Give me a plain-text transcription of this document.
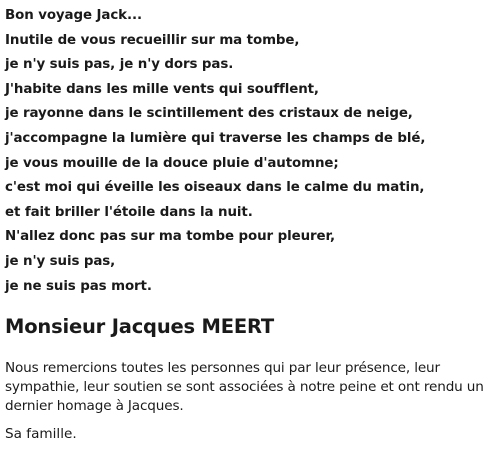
Bon voyage Jack...
Inutile de vous recueillir sur ma tombe,
je n'y suis pas, je n'y dors pas.
J'habite dans les mille vents qui soufflent,
je rayonne dans le scintillement des cristaux de neige,
j'accompagne la lumière qui traverse les champs de blé,
je vous mouille de la douce pluie d'automne;
c'est moi qui éveille les oiseaux dans le calme du matin,
et fait briller l'étoile dans la nuit.
N'allez donc pas sur ma tombe pour pleurer,
je n'y suis pas,
je ne suis pas mort.
Monsieur Jacques MEERT

Nous remercions toutes les personnes qui par leur présence, leur sympathie, leur soutien se sont associées à notre peine et ont rendu un dernier homage à Jacques.

Sa famille.
